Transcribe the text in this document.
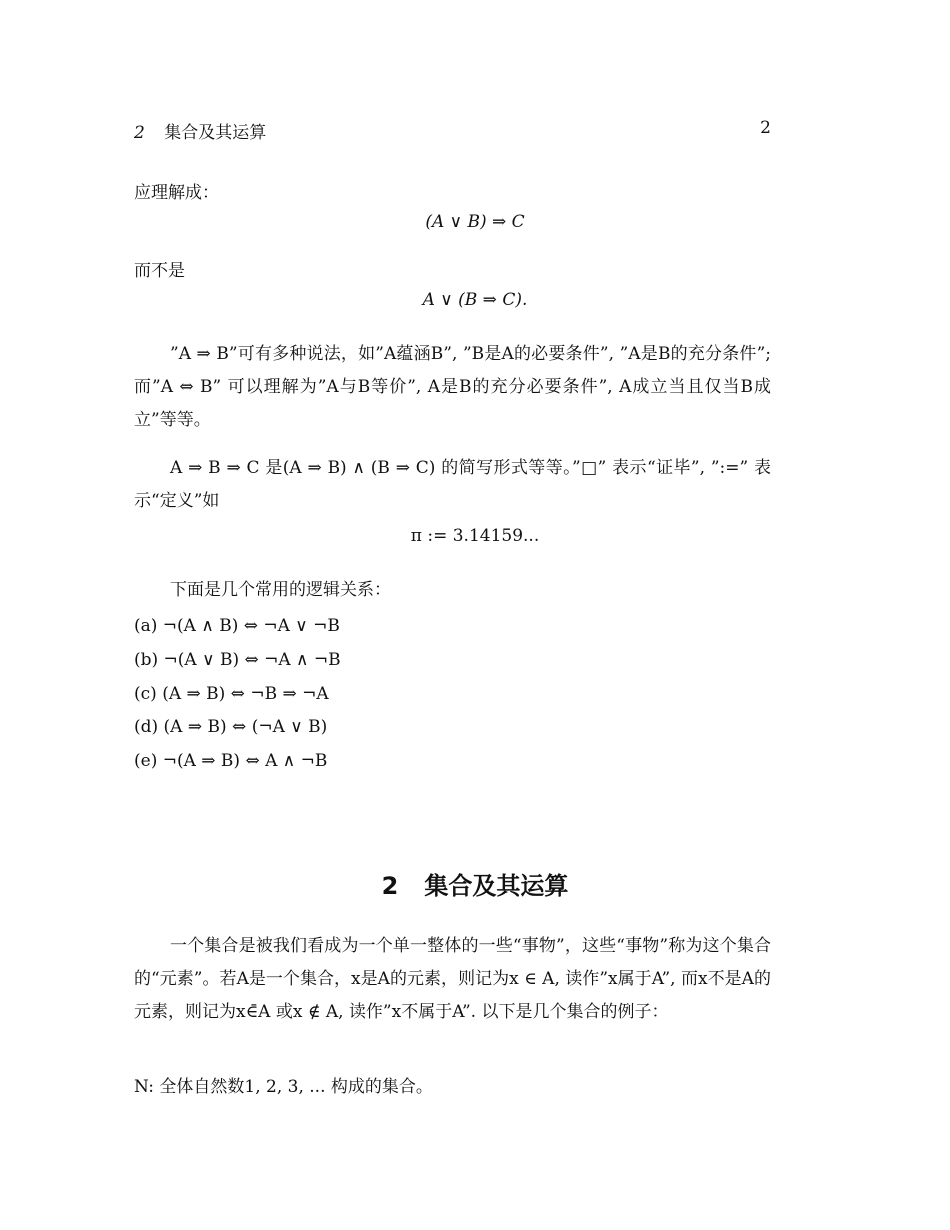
2 集合及其运算	2
应理解成：
(A ∨ B) ⇒ C
而不是
A ∨ (B ⇒ C).
”A ⇒ B”可有多种说法，如”A蕴涵B”, ”B是A的必要条件”, ”A是B的充分条件”; 而”A ⇔ B” 可以理解为”A与B等价”, A是B的充分必要条件”, A成立当且仅当B成立”等等。
A ⇒ B ⇒ C 是(A ⇒ B) ∧ (B ⇒ C) 的简写形式等等。”□” 表示“证毕”, ”:=” 表示“定义”如
π := 3.14159...
下面是几个常用的逻辑关系：
(a) ¬(A ∧ B) ⇔ ¬A ∨ ¬B
(b) ¬(A ∨ B) ⇔ ¬A ∧ ¬B
(c) (A ⇒ B) ⇔ ¬B ⇒ ¬A
(d) (A ⇒ B) ⇔ (¬A ∨ B)
(e) ¬(A ⇒ B) ⇔ A ∧ ¬B
2 集合及其运算
一个集合是被我们看成为一个单一整体的一些“事物”，这些“事物”称为这个集合的“元素”。若A是一个集合，x是A的元素，则记为x ∈ A, 读作”x属于A”, 而x不是A的元素，则记为x∈̄A 或x ∉ A, 读作”x不属于A”. 以下是几个集合的例子：
N: 全体自然数1, 2, 3, ... 构成的集合。
